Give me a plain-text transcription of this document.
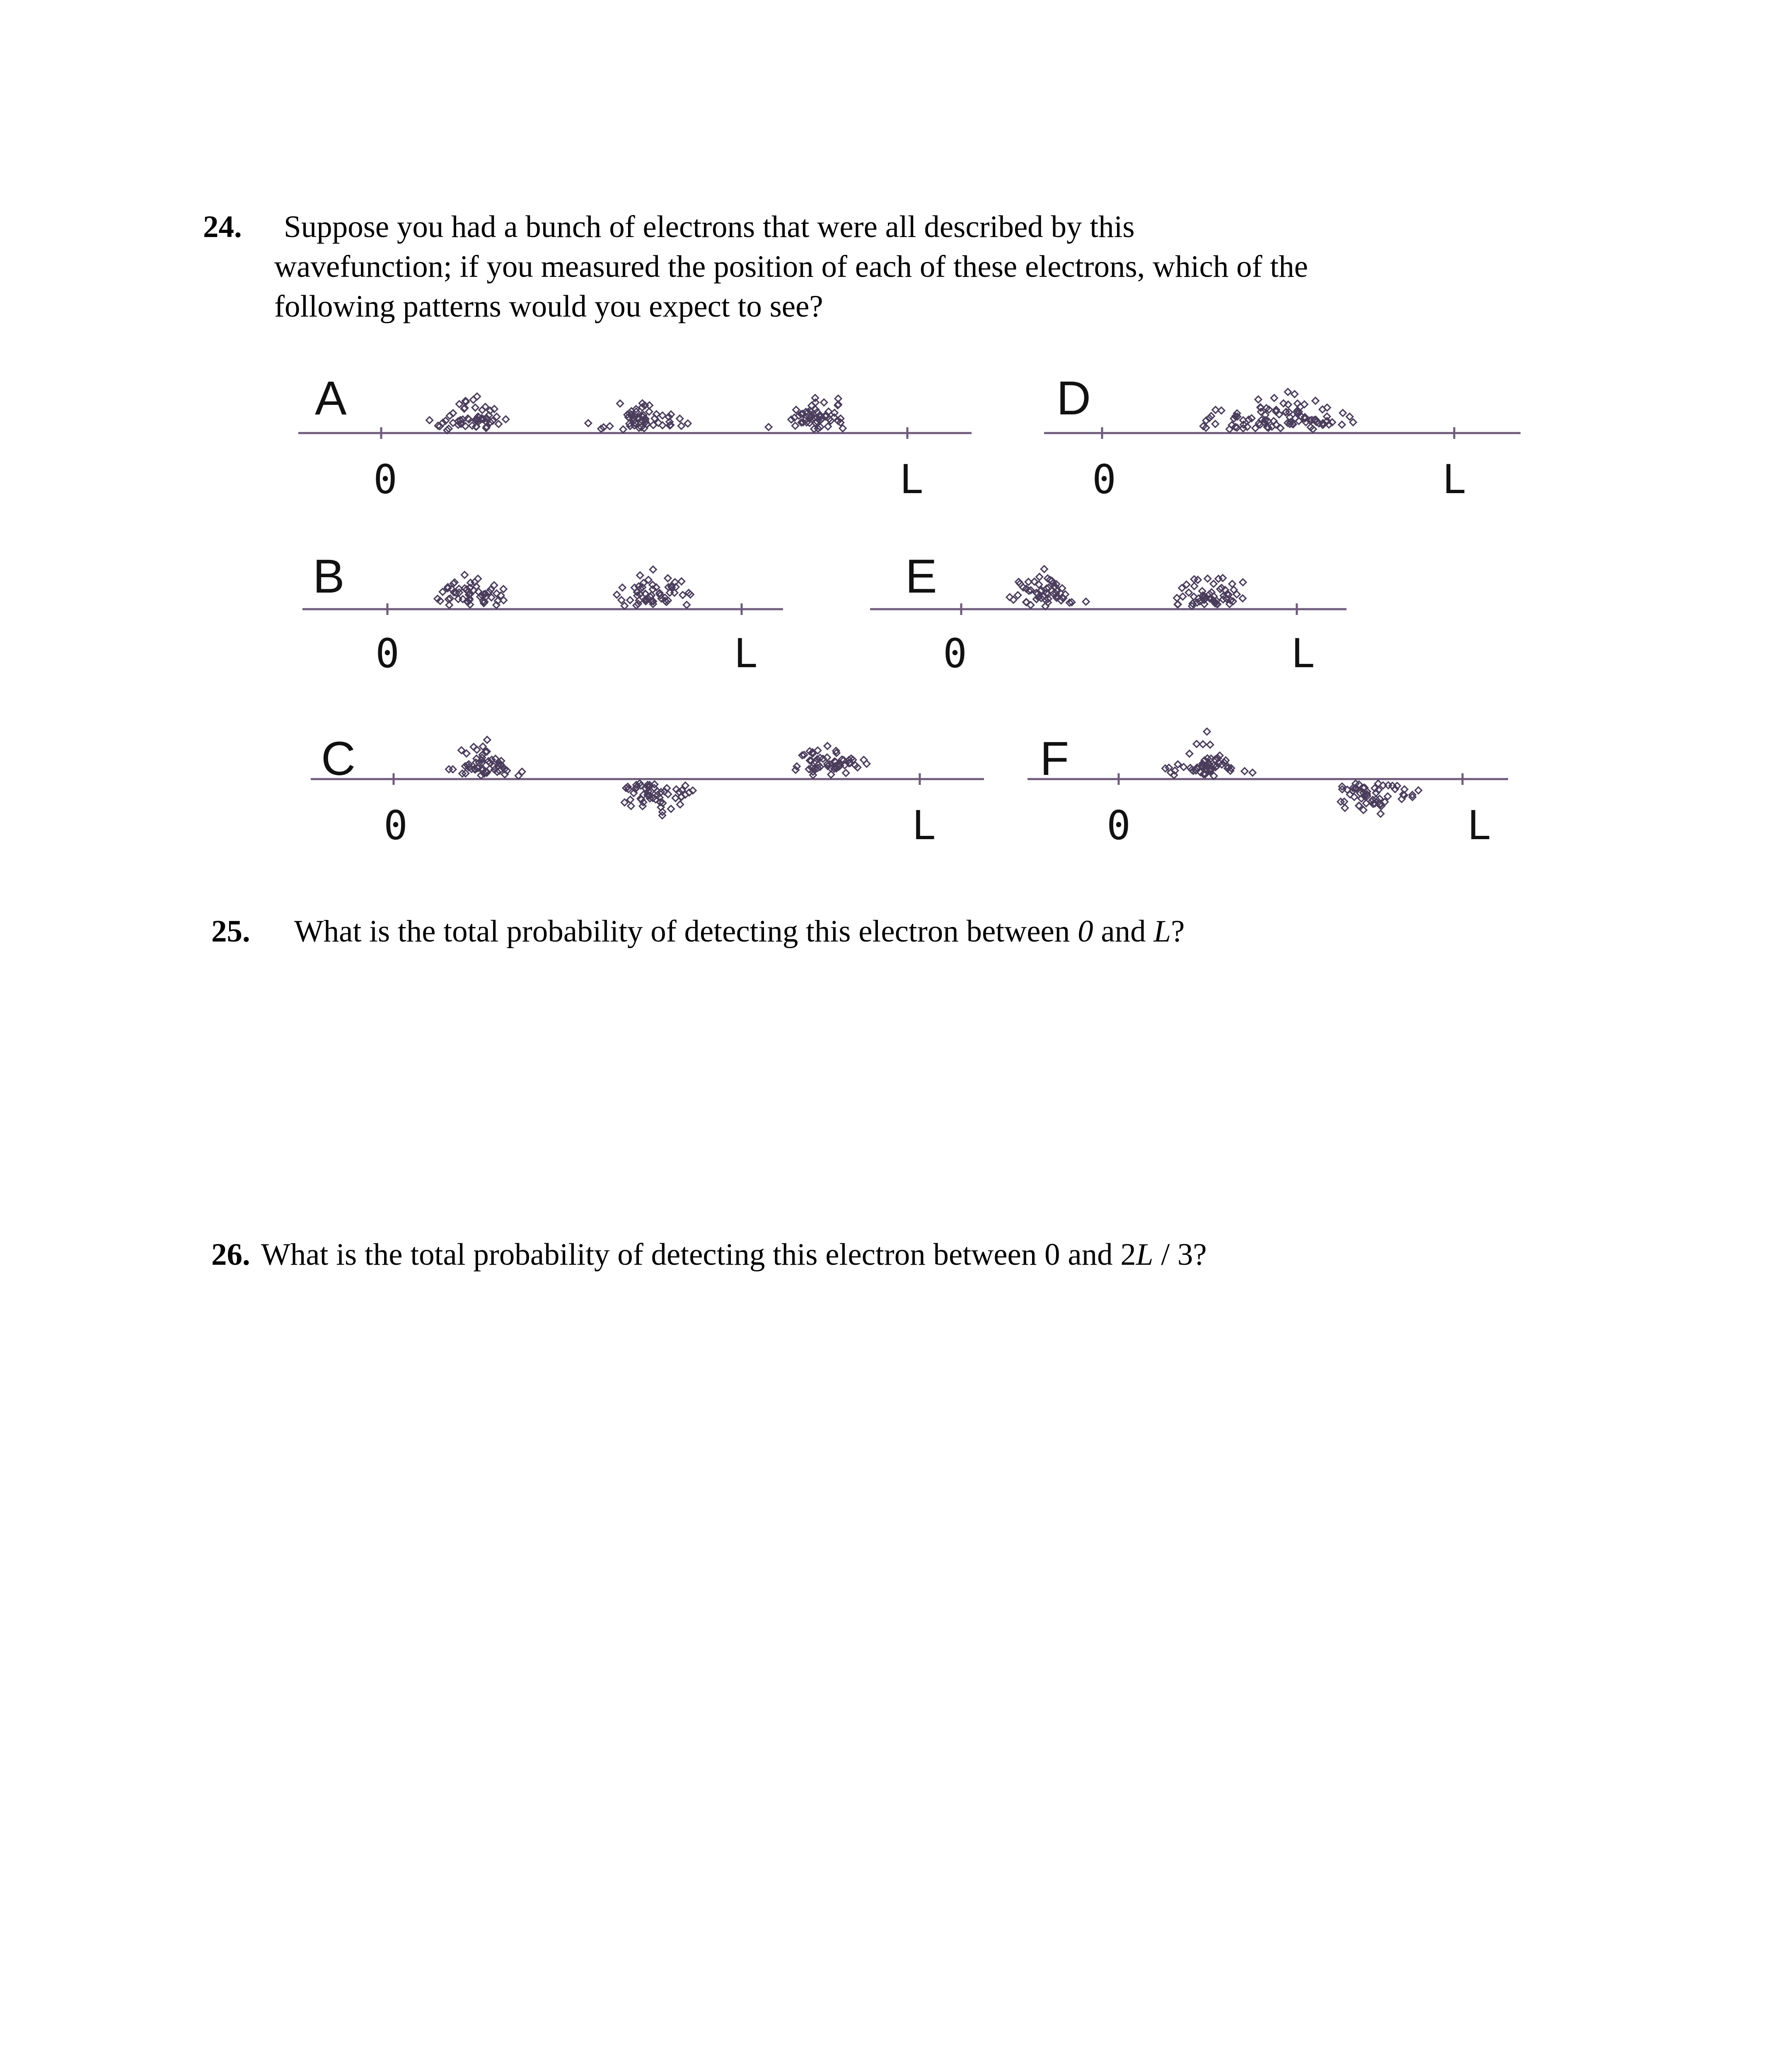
24. Suppose you had a bunch of electrons that were all described by this
wavefunction; if you measured the position of each of these electrons, which of the
following patterns would you expect to see?
A
0	L
B
0	L
C
0	L
D
0	L
E
0	L
F
0	L
25. What is the total probability of detecting this electron between 0 and L?
26. What is the total probability of detecting this electron between 0 and 2L / 3?
